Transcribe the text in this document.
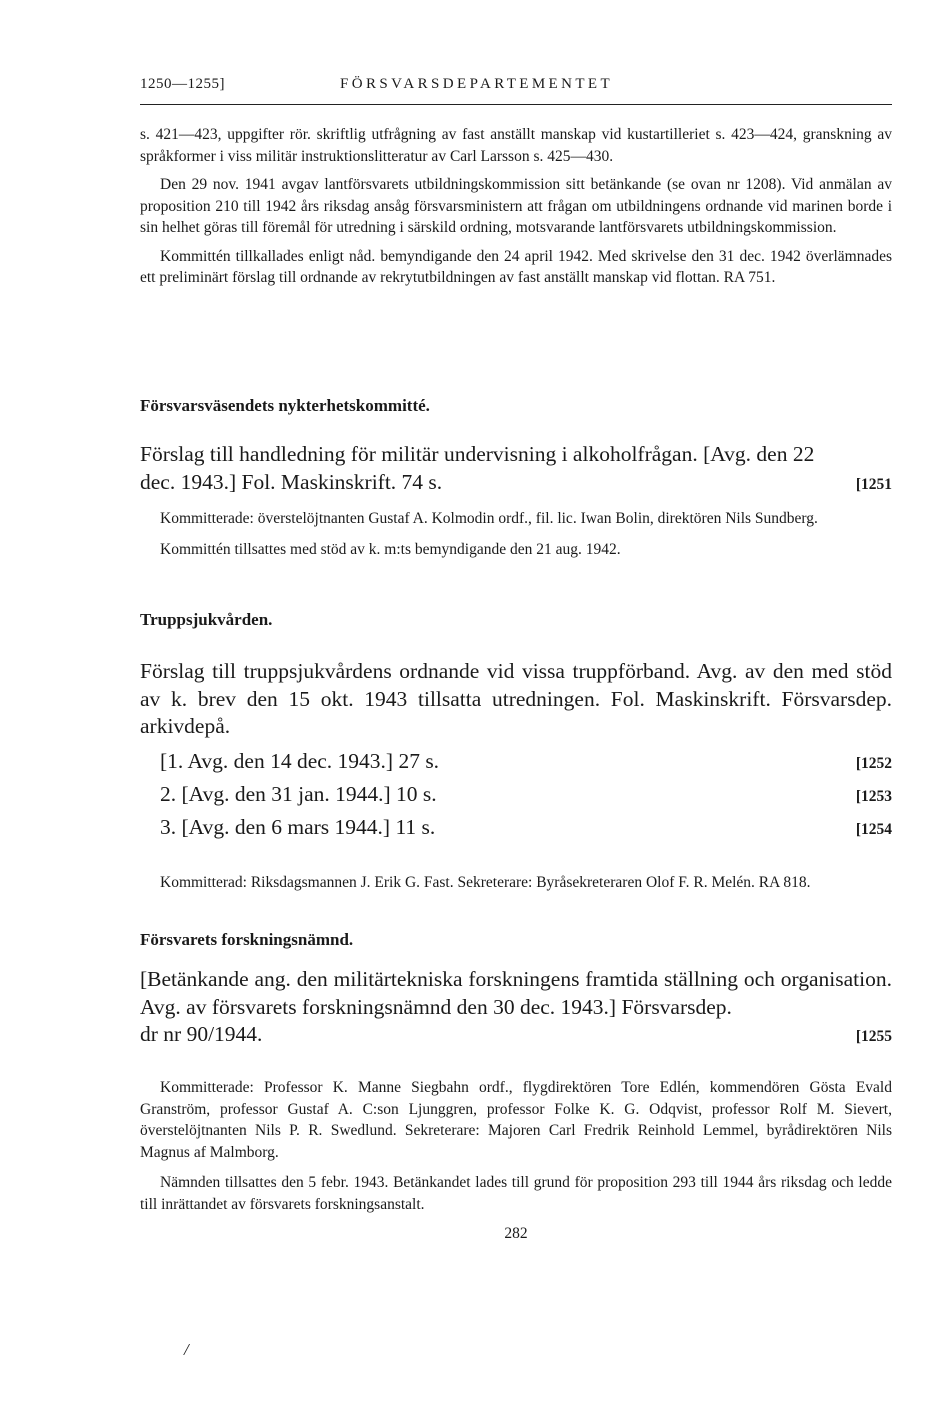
1250—1255]	FÖRSVARSDEPARTEMENTET

s. 421—423, uppgifter rör. skriftlig utfrågning av fast anställt manskap vid kustartilleriet s. 423—424, granskning av språkformer i viss militär instruktionslitteratur av Carl Larsson s. 425—430.

Den 29 nov. 1941 avgav lantförsvarets utbildningskommission sitt betänkande (se ovan nr 1208). Vid anmälan av proposition 210 till 1942 års riksdag ansåg försvarsministern att frågan om utbildningens ordnande vid marinen borde i sin helhet göras till föremål för utredning i särskild ordning, motsvarande lantförsvarets utbildningskommission.

Kommittén tillkallades enligt nåd. bemyndigande den 24 april 1942. Med skrivelse den 31 dec. 1942 överlämnades ett preliminärt förslag till ordnande av rekrytutbildningen av fast anställt manskap vid flottan. RA 751.

Försvarsväsendets nykterhetskommitté.

Förslag till handledning för militär undervisning i alkoholfrågan. [Avg. den 22

dec. 1943.] Fol. Maskinskrift. 74 s.	[1251

Kommitterade: överstelöjtnanten Gustaf A. Kolmodin ordf., fil. lic. Iwan Bolin, direktören Nils Sundberg.

Kommittén tillsattes med stöd av k. m:ts bemyndigande den 21 aug. 1942.

Truppsjukvården.

Förslag till truppsjukvårdens ordnande vid vissa truppförband. Avg. av den med stöd av k. brev den 15 okt. 1943 tillsatta utredningen. Fol. Maskinskrift. Försvarsdep. arkivdepå.

[1. Avg. den 14 dec. 1943.] 27 s.	[1252
2. [Avg. den 31 jan. 1944.] 10 s.	[1253
3. [Avg. den 6 mars 1944.] 11 s.	[1254

Kommitterad: Riksdagsmannen J. Erik G. Fast. Sekreterare: Byråsekreteraren Olof F. R. Melén. RA 818.

Försvarets forskningsnämnd.

[Betänkande ang. den militärtekniska forskningens framtida ställning och organisation. Avg. av försvarets forskningsnämnd den 30 dec. 1943.] Försvarsdep.

dr nr 90/1944.	[1255

Kommitterade: Professor K. Manne Siegbahn ordf., flygdirektören Tore Edlén, kommendören Gösta Evald Granström, professor Gustaf A. C:son Ljunggren, professor Folke K. G. Odqvist, professor Rolf M. Sievert, överstelöjtnanten Nils P. R. Swedlund. Sekreterare: Majoren Carl Fredrik Reinhold Lemmel, byrådirektören Nils Magnus af Malmborg.

Nämnden tillsattes den 5 febr. 1943. Betänkandet lades till grund för proposition 293 till 1944 års riksdag och ledde till inrättandet av försvarets forskningsanstalt.

282
/
